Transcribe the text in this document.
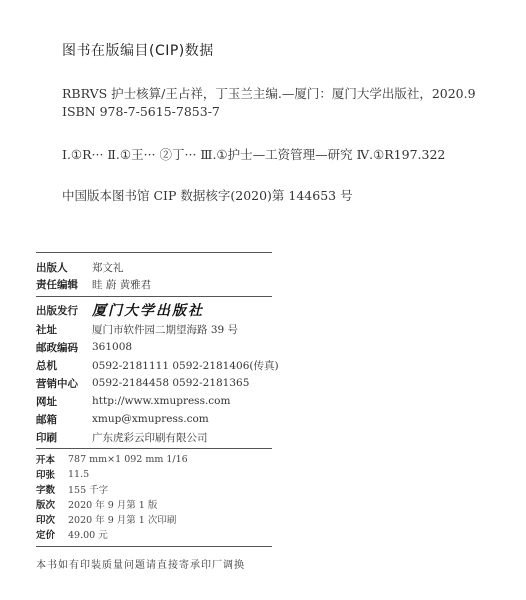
图书在版编目(CIP)数据
RBRVS 护士核算/王占祥，丁玉兰主编.—厦门：厦门大学出版社，2020.9
ISBN 978-7-5615-7853-7
Ⅰ.①R··· Ⅱ.①王··· ②丁··· Ⅲ.①护士—工资管理—研究 Ⅳ.①R197.322
中国版本图书馆 CIP 数据核字(2020)第 144653 号
出版人	郑文礼
责任编辑	眭 蔚 黄雅君
出版发行	厦门大学出版社
社址	厦门市软件园二期望海路 39 号
邮政编码	361008
总机	0592-2181111 0592-2181406(传真)
营销中心	0592-2184458 0592-2181365
网址	http://www.xmupress.com
邮箱	xmup@xmupress.com
印刷	广东虎彩云印刷有限公司
开本	787 mm×1 092 mm 1/16
印张	11.5
字数	155 千字
版次	2020 年 9 月第 1 版
印次	2020 年 9 月第 1 次印刷
定价	49.00 元
本书如有印装质量问题请直接寄承印厂调换
